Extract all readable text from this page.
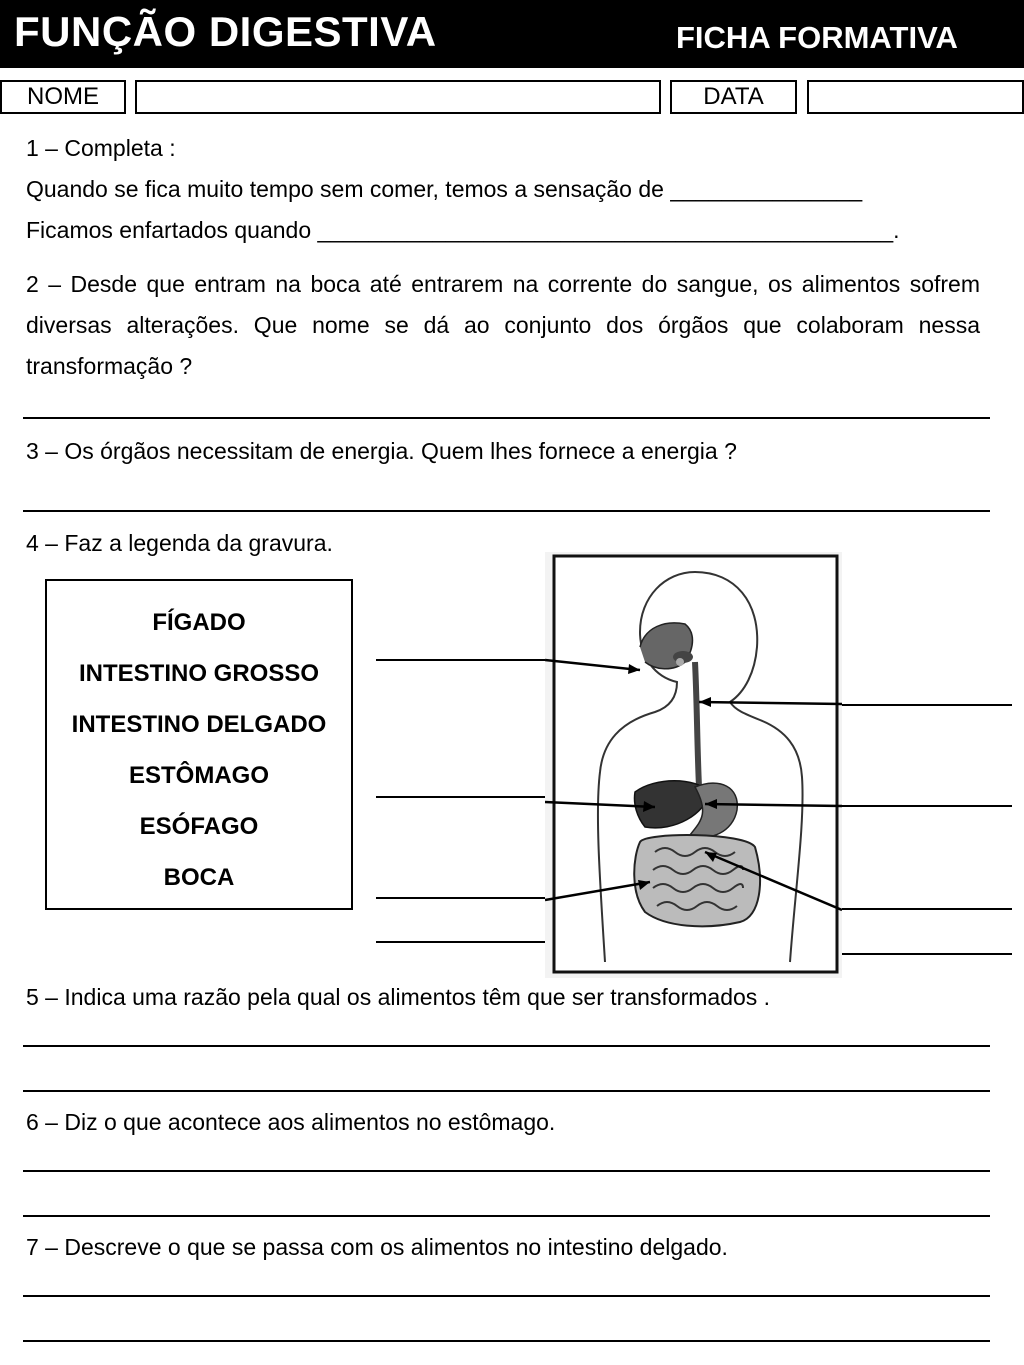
FUNÇÃO DIGESTIVA	FICHA FORMATIVA
NOME	DATA
1 – Completa :
Quando se fica muito tempo sem comer, temos a sensação de _______________
Ficamos enfartados quando _____________________________________________.
2 – Desde que entram na boca até entrarem na corrente do sangue, os alimentos sofrem diversas alterações. Que nome se dá ao conjunto dos órgãos que colaboram nessa transformação ?
3 – Os órgãos necessitam de energia. Quem lhes fornece a energia ?
4 – Faz a legenda da gravura.
FÍGADO
INTESTINO GROSSO
INTESTINO DELGADO
ESTÔMAGO
ESÓFAGO
BOCA
5 – Indica uma razão pela qual os alimentos têm que ser transformados .
6 – Diz o que acontece aos alimentos no estômago.
7 – Descreve o que se passa com os alimentos no intestino delgado.
